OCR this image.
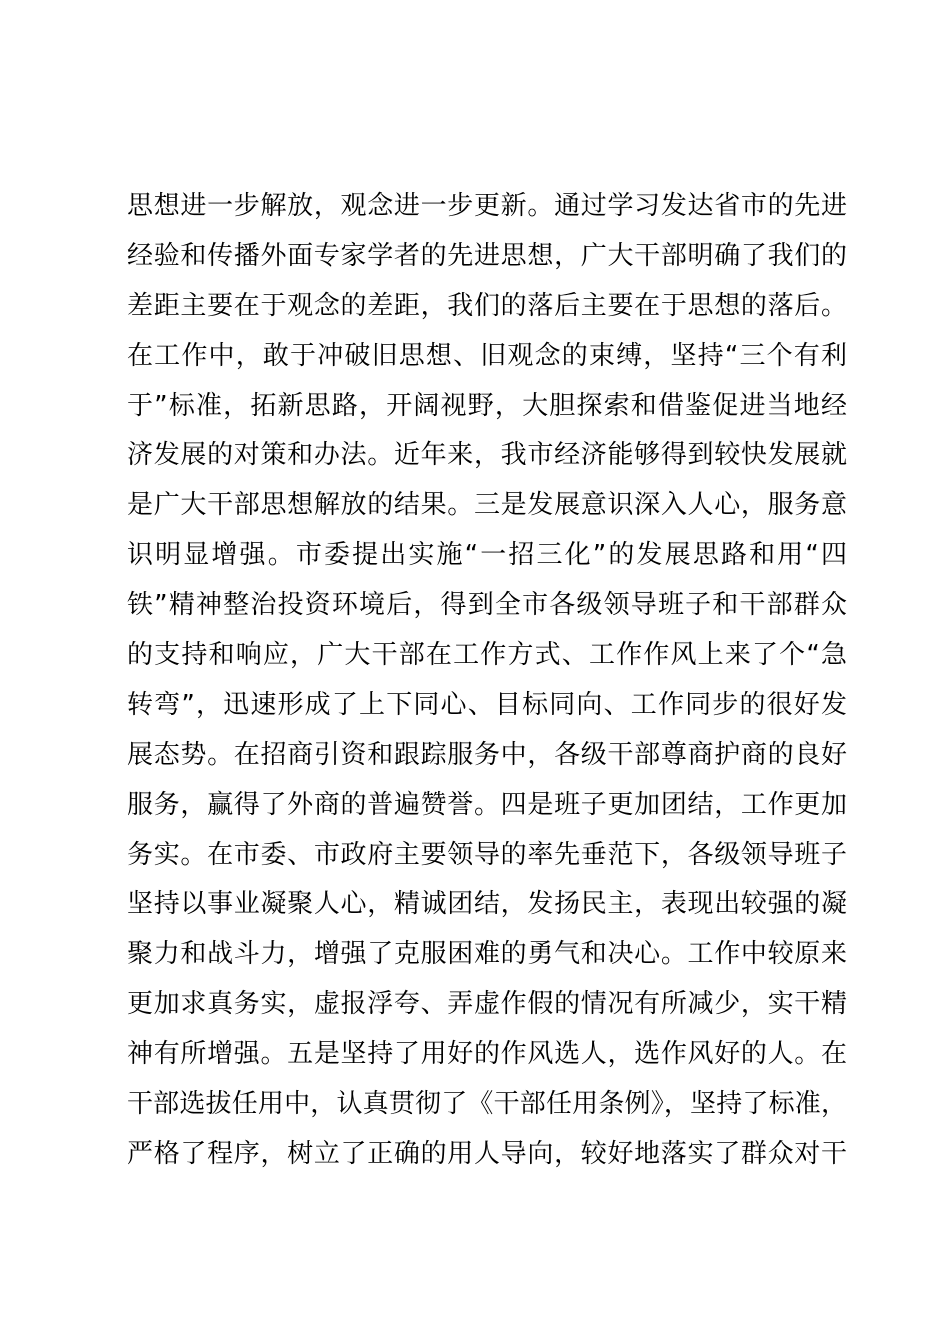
思想进一步解放，观念进一步更新。通过学习发达省市的先进
经验和传播外面专家学者的先进思想，广大干部明确了我们的
差距主要在于观念的差距，我们的落后主要在于思想的落后。
在工作中，敢于冲破旧思想、旧观念的束缚，坚持“三个有利
于”标准，拓新思路，开阔视野，大胆探索和借鉴促进当地经
济发展的对策和办法。近年来，我市经济能够得到较快发展就
是广大干部思想解放的结果。三是发展意识深入人心，服务意
识明显增强。市委提出实施“一招三化”的发展思路和用“四
铁”精神整治投资环境后，得到全市各级领导班子和干部群众
的支持和响应，广大干部在工作方式、工作作风上来了个“急
转弯”，迅速形成了上下同心、目标同向、工作同步的很好发
展态势。在招商引资和跟踪服务中，各级干部尊商护商的良好
服务，赢得了外商的普遍赞誉。四是班子更加团结，工作更加
务实。在市委、市政府主要领导的率先垂范下，各级领导班子
坚持以事业凝聚人心，精诚团结，发扬民主，表现出较强的凝
聚力和战斗力，增强了克服困难的勇气和决心。工作中较原来
更加求真务实，虚报浮夸、弄虚作假的情况有所减少，实干精
神有所增强。五是坚持了用好的作风选人，选作风好的人。在
干部选拔任用中，认真贯彻了《干部任用条例》，坚持了标准，
严格了程序，树立了正确的用人导向，较好地落实了群众对干
